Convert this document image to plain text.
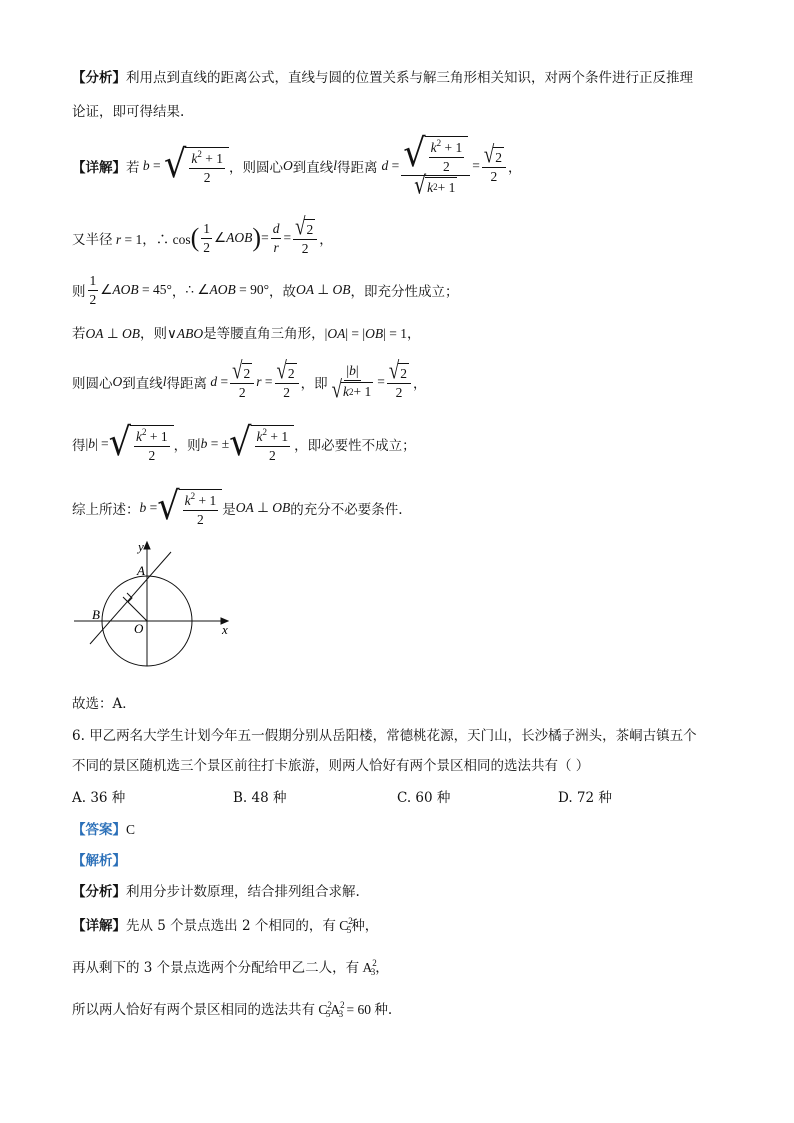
【分析】利用点到直线的距离公式，直线与圆的位置关系与解三角形相关知识，对两个条件进行正反推理
论证，即可得结果.
【详解】 若 b = √ $\frac{k^2 + 1}{2}$ ，则圆心 O 到直线 l 得距离 $d = \frac{√ \frac{k^2 + 1}{2}}{√ k 2 + 1} = \frac{√ 2}{2}$ ，
又半径 r = 1，∴ cos ( $\frac{1}{2}$ ∠AOB ) = $\frac{d}{r} = \frac{√ 2}{2}$ ，
则 $\frac{1}{2}$ ∠AOB = 45° ， ∴ ∠AOB = 90° ，故 OA ⊥ OB ，即充分性成立；
若OA ⊥ OB，则∨ABO是等腰直角三角形，|OA| = |OB| = 1，
则圆心 O 到直线 l 得距离 $d = \frac{√ 2}{2}$ $r = \frac{√ 2}{2}$ ，即 $\frac{|b|}{√ k 2 + 1} = \frac{√ 2}{2}$ ，
得 |b| = √ $\frac{k^2 + 1}{2}$ ，则 b = ± √ $\frac{k^2 + 1}{2}$ ，即必要性不成立；
综上所述： b = √ $\frac{k^2 + 1}{2}$ 是 OA ⊥ OB 的充分不必要条件.
y
x
A
B
O
故选：A．
6. 甲乙两名大学生计划今年五一假期分别从岳阳楼，常德桃花源，天门山，长沙橘子洲头，茶峒古镇五个
不同的景区随机选三个景区前往打卡旅游，则两人恰好有两个景区相同的选法共有（ ）
A. 36 种	B. 48 种	C. 60 种	D. 72 种
【答案】C
【解析】
【分析】利用分步计数原理，结合排列组合求解.
【详解】先从 5 个景点选出 2 个相同的，有 $C^2_5$种，
再从剩下的 3 个景点选两个分配给甲乙二人，有 $A^2_3$，
所以两人恰好有两个景区相同的选法共有 $C^2_5A^2_3 = 60$ 种.
